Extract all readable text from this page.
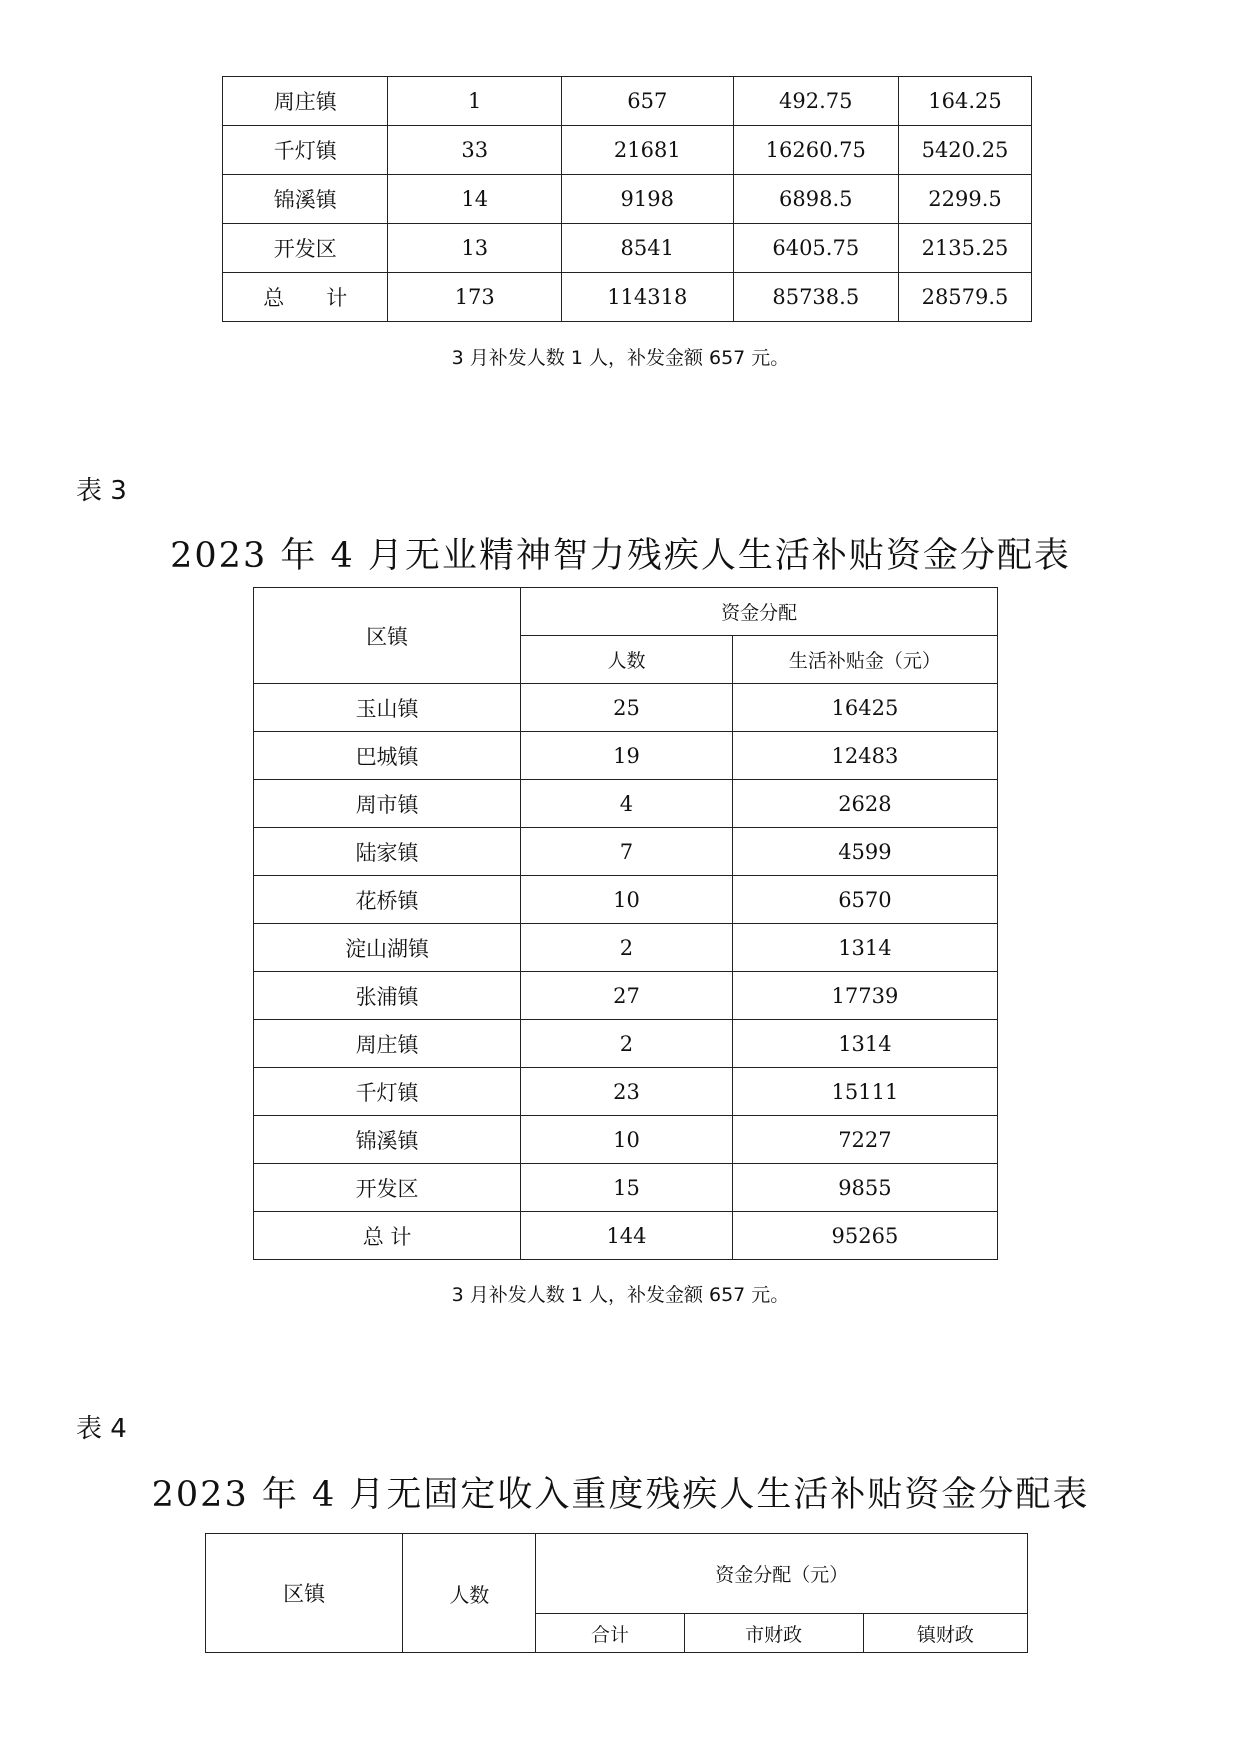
周庄镇	1	657	492.75	164.25
千灯镇	33	21681	16260.75	5420.25
锦溪镇	14	9198	6898.5	2299.5
开发区	13	8541	6405.75	2135.25
总　　计	173	114318	85738.5	28579.5
3 月补发人数 1 人，补发金额 657 元。
表 3
2023 年 4 月无业精神智力残疾人生活补贴资金分配表
区镇	资金分配	
	人数	生活补贴金（元）
玉山镇	25	16425
巴城镇	19	12483
周市镇	4	2628
陆家镇	7	4599
花桥镇	10	6570
淀山湖镇	2	1314
张浦镇	27	17739
周庄镇	2	1314
千灯镇	23	15111
锦溪镇	10	7227
开发区	15	9855
总 计	144	95265
3 月补发人数 1 人，补发金额 657 元。
表 4
2023 年 4 月无固定收入重度残疾人生活补贴资金分配表
区镇	人数	资金分配（元）		
		合计	市财政	镇财政
